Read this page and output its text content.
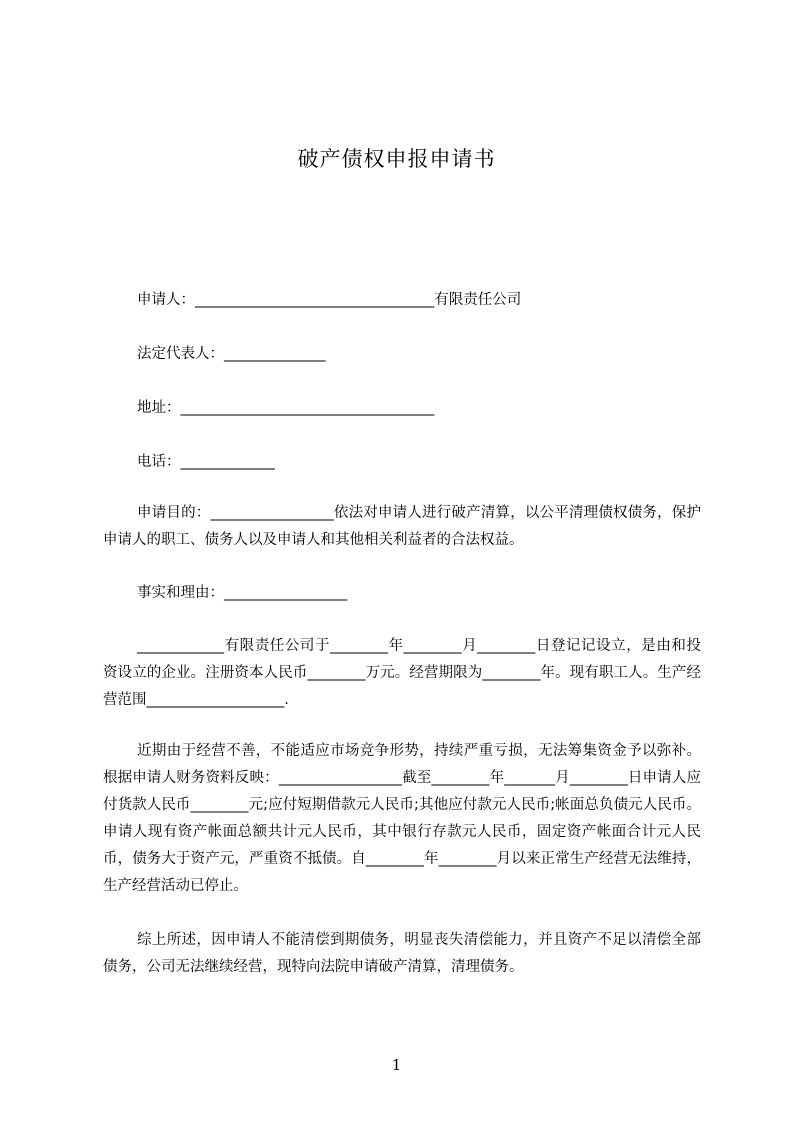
破产债权申报申请书
申请人：_________________________________有限责任公司
法定代表人：______________
地址：___________________________________
电话：_____________
申请目的：_________________依法对申请人进行破产清算，以公平清理债权债务，保护申请人的职工、债务人以及申请人和其他相关利益者的合法权益。
事实和理由：_________________
____________有限责任公司于________年________月________日登记记设立，是由和投资设立的企业。注册资本人民币________万元。经营期限为________年。现有职工人。生产经营范围___________________.
近期由于经营不善，不能适应市场竞争形势，持续严重亏损，无法筹集资金予以弥补。根据申请人财务资料反映：_________________截至________年_______月________日申请人应付货款人民币________元;应付短期借款元人民币;其他应付款元人民币;帐面总负债元人民币。申请人现有资产帐面总额共计元人民币，其中银行存款元人民币，固定资产帐面合计元人民币，债务大于资产元，严重资不抵债。自________年________月以来正常生产经营无法维持，生产经营活动已停止。
综上所述，因申请人不能清偿到期债务，明显丧失清偿能力，并且资产不足以清偿全部债务，公司无法继续经营，现特向法院申请破产清算，清理债务。
1
